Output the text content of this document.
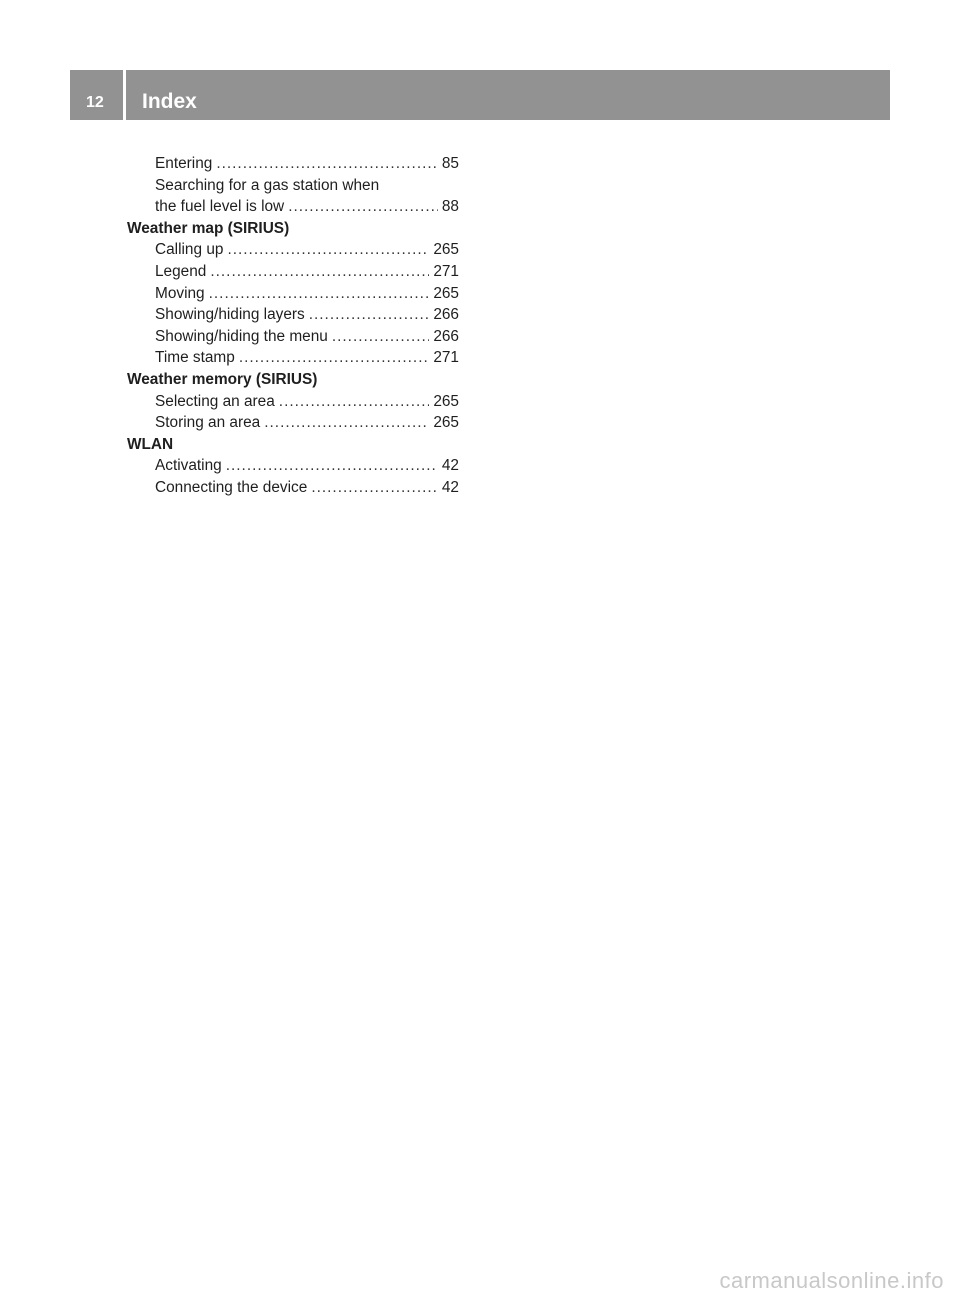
12 Index
Entering .....	85
Searching for a gas station when
the fuel level is low .....	88
Weather map (SIRIUS)
Calling up .....	265
Legend .....	271
Moving .....	265
Showing/hiding layers .....	266
Showing/hiding the menu .....	266
Time stamp .....	271
Weather memory (SIRIUS)
Selecting an area .....	265
Storing an area .....	265
WLAN
Activating .....	42
Connecting the device .....	42
carmanualsonline.info
